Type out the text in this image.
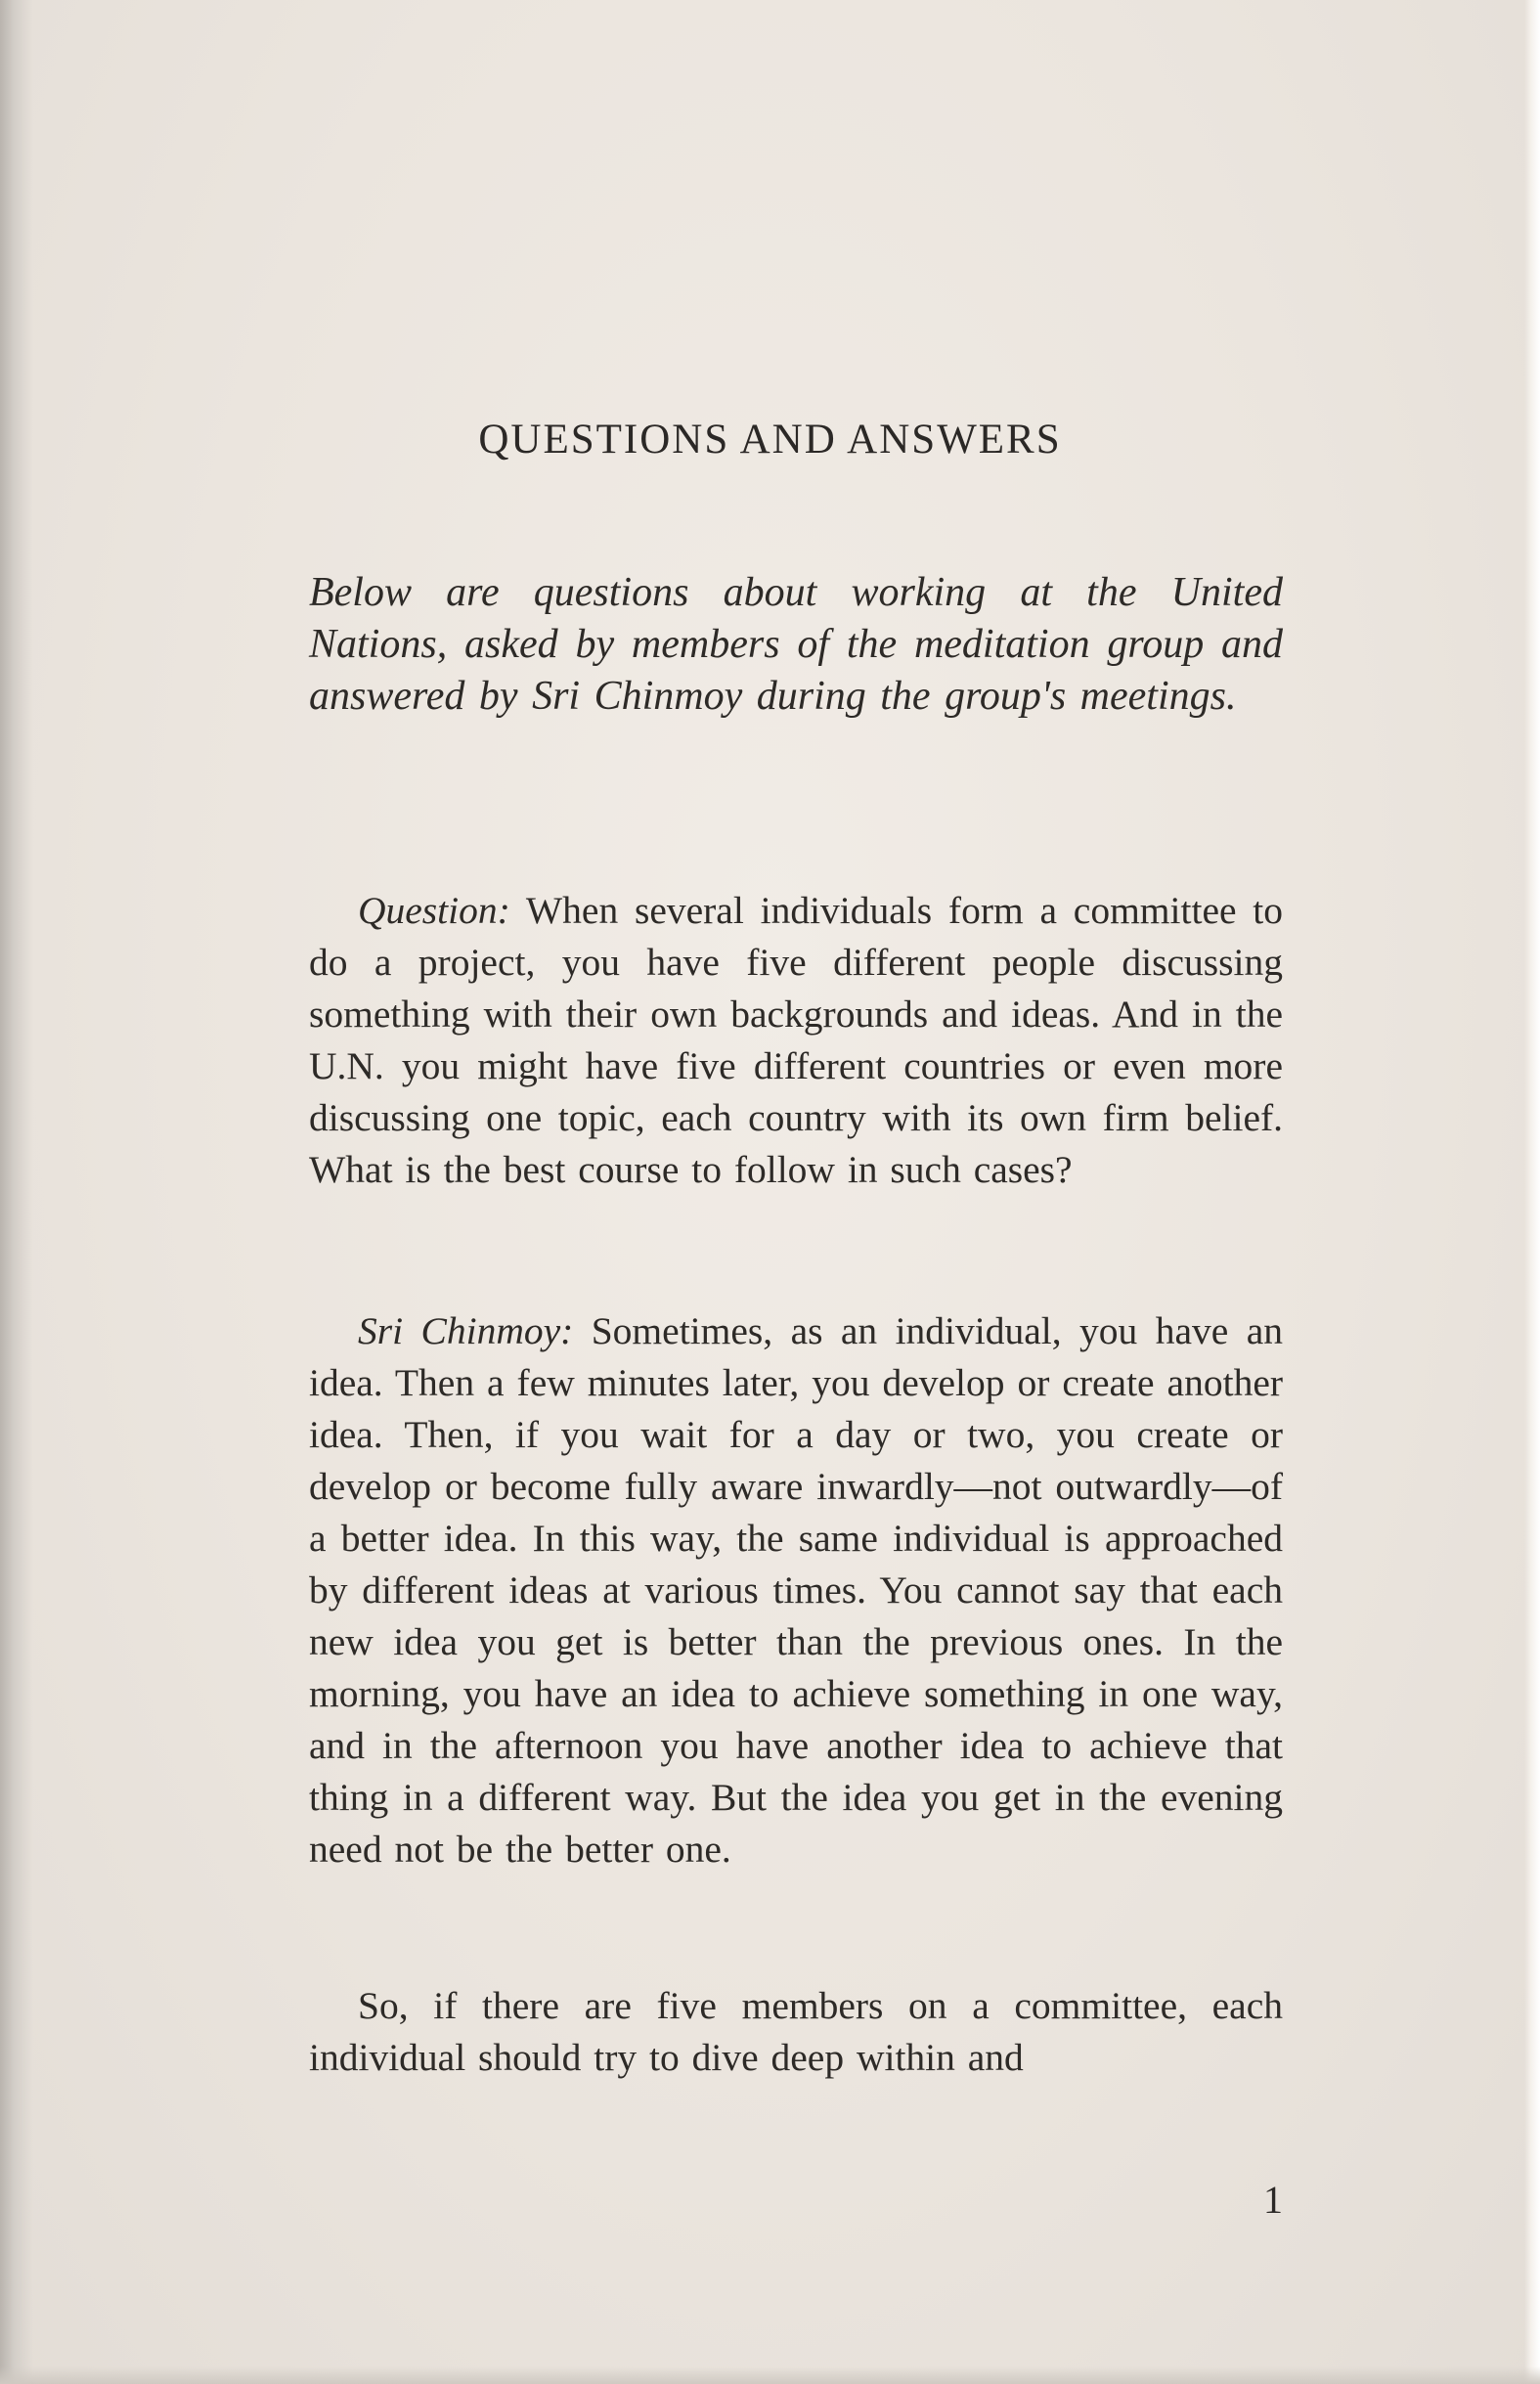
QUESTIONS AND ANSWERS

Below are questions about working at the United Nations, asked by members of the meditation group and answered by Sri Chinmoy during the group's meetings.

Question: When several individuals form a committee to do a project, you have five different people discussing something with their own backgrounds and ideas. And in the U.N. you might have five different countries or even more discussing one topic, each country with its own firm belief. What is the best course to follow in such cases?

Sri Chinmoy: Sometimes, as an individual, you have an idea. Then a few minutes later, you develop or create another idea. Then, if you wait for a day or two, you create or develop or become fully aware inwardly—not outwardly—of a better idea. In this way, the same individual is approached by different ideas at various times. You cannot say that each new idea you get is better than the previous ones. In the morning, you have an idea to achieve something in one way, and in the afternoon you have another idea to achieve that thing in a different way. But the idea you get in the evening need not be the better one.

So, if there are five members on a committee, each individual should try to dive deep within and

1
